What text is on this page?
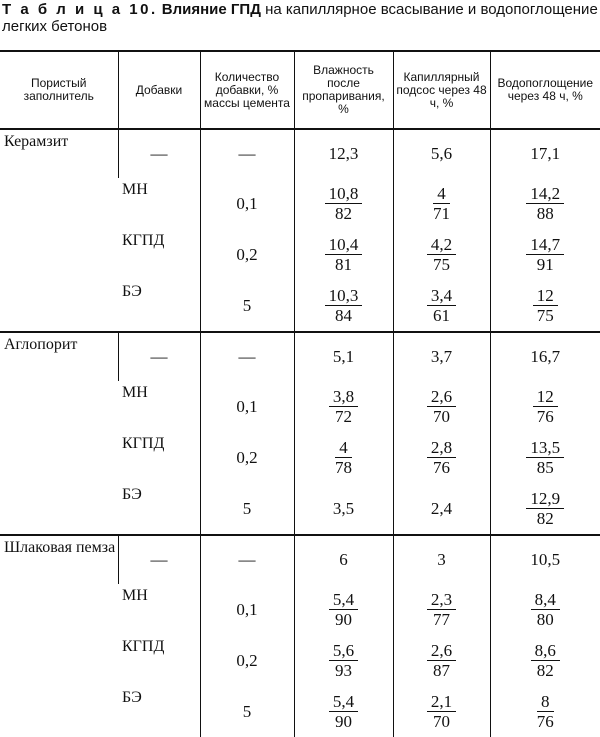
Т а б л и ц а 10. Влияние ГПД на капиллярное всасывание и водопоглощение легких бетонов
Пористый заполнитель	Добавки	Количество добавки, % массы цемента	Влажность после пропаривания, %	Капиллярный подсос через 48 ч, %	Водопоглощение через 48 ч, %
Керамзит	—	—	12,3	5,6	17,1
	МН	0,1	$\frac{10,8}{82}$	$\frac{4}{71}$	$\frac{14,2}{88}$

	КГПД	0,2	$\frac{10,4}{81}$	$\frac{4,2}{75}$	$\frac{14,7}{91}$

	БЭ	5	$\frac{10,3}{84}$	$\frac{3,4}{61}$	$\frac{12}{75}$

Аглопорит	—	—	5,1	3,7	16,7
	МН	0,1	$\frac{3,8}{72}$	$\frac{2,6}{70}$	$\frac{12}{76}$

	КГПД	0,2	$\frac{4}{78}$	$\frac{2,8}{76}$	$\frac{13,5}{85}$

	БЭ	5	3,5	2,4	$\frac{12,9}{82}$

Шлаковая пемза	—	—	6	3	10,5
	МН	0,1	$\frac{5,4}{90}$	$\frac{2,3}{77}$	$\frac{8,4}{80}$

	КГПД	0,2	$\frac{5,6}{93}$	$\frac{2,6}{87}$	$\frac{8,6}{82}$

	БЭ	5	$\frac{5,4}{90}$	$\frac{2,1}{70}$	$\frac{8}{76}$
